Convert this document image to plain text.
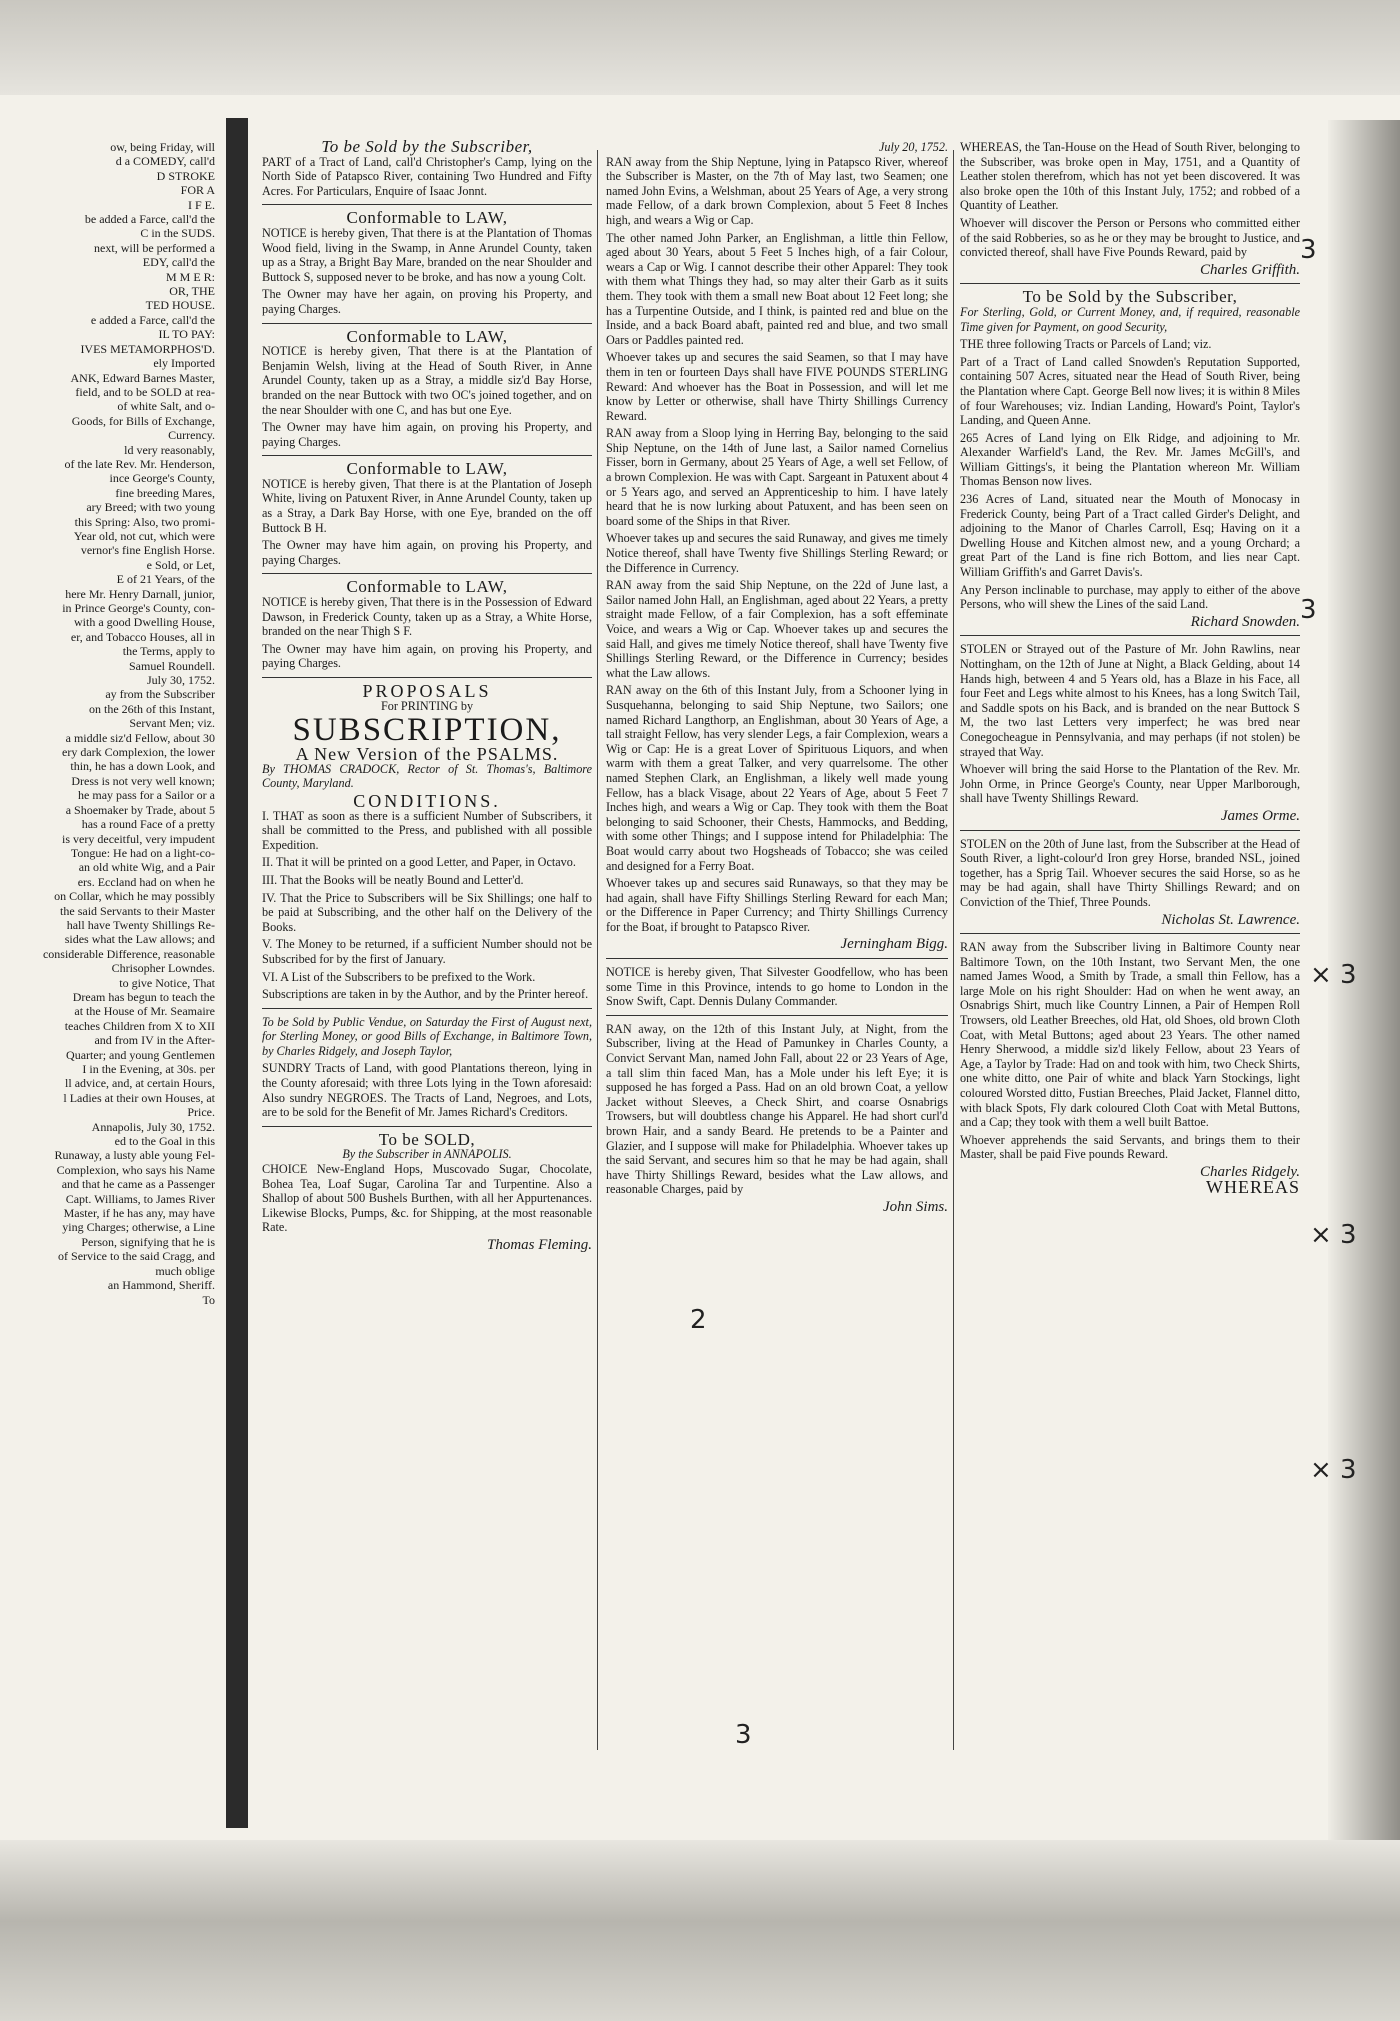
ow, being Friday, will
d a COMEDY, call'd
D STROKE
FOR A
I F E.
be added a Farce, call'd the
C in the SUDS.
next, will be performed a
EDY, call'd the
M M E R:
OR, THE
TED HOUSE.
e added a Farce, call'd the
IL TO PAY:
IVES METAMORPHOS'D.
ely Imported
ANK, Edward Barnes Master,
field, and to be SOLD at rea-
of white Salt, and o-
Goods, for Bills of Exchange,
Currency.
ld very reasonably,
of the late Rev. Mr. Henderson,
ince George's County,
fine breeding Mares,
ary Breed; with two young
this Spring: Also, two promi-
Year old, not cut, which were
vernor's fine English Horse.
e Sold, or Let,
E of 21 Years, of the
here Mr. Henry Darnall, junior,
in Prince George's County, con-
with a good Dwelling House,
er, and Tobacco Houses, all in
the Terms, apply to
Samuel Roundell.
July 30, 1752.
ay from the Subscriber
on the 26th of this Instant,
Servant Men; viz.
a middle siz'd Fellow, about 30
ery dark Complexion, the lower
thin, he has a down Look, and
Dress is not very well known;
he may pass for a Sailor or a
a Shoemaker by Trade, about 5
has a round Face of a pretty
is very deceitful, very impudent
Tongue: He had on a light-co-
an old white Wig, and a Pair
ers. Eccland had on when he
on Collar, which he may possibly
the said Servants to their Master
hall have Twenty Shillings Re-
sides what the Law allows; and
considerable Difference, reasonable
Chrisopher Lowndes.
to give Notice, That
Dream has begun to teach the
at the House of Mr. Seamaire
teaches Children from X to XII
and from IV in the After-
Quarter; and young Gentlemen
I in the Evening, at 30s. per
ll advice, and, at certain Hours,
l Ladies at their own Houses, at
Price.
Annapolis, July 30, 1752.
ed to the Goal in this
Runaway, a lusty able young Fel-
Complexion, who says his Name
and that he came as a Passenger
Capt. Williams, to James River
Master, if he has any, may have
ying Charges; otherwise, a Line
Person, signifying that he is
of Service to the said Cragg, and
much oblige
an Hammond, Sheriff.
To
To be Sold by the Subscriber,

PART of a Tract of Land, call'd Christopher's Camp, lying on the North Side of Patapsco River, containing Two Hundred and Fifty Acres. For Particulars, Enquire of Isaac Jonnt.

Conformable to LAW,

NOTICE is hereby given, That there is at the Plantation of Thomas Wood field, living in the Swamp, in Anne Arundel County, taken up as a Stray, a Bright Bay Mare, branded on the near Shoulder and Buttock S, supposed never to be broke, and has now a young Colt.

The Owner may have her again, on proving his Property, and paying Charges.

Conformable to LAW,

NOTICE is hereby given, That there is at the Plantation of Benjamin Welsh, living at the Head of South River, in Anne Arundel County, taken up as a Stray, a middle siz'd Bay Horse, branded on the near Buttock with two OC's joined together, and on the near Shoulder with one C, and has but one Eye.

The Owner may have him again, on proving his Property, and paying Charges.

Conformable to LAW,

NOTICE is hereby given, That there is at the Plantation of Joseph White, living on Patuxent River, in Anne Arundel County, taken up as a Stray, a Dark Bay Horse, with one Eye, branded on the off Buttock B H.

The Owner may have him again, on proving his Property, and paying Charges.

Conformable to LAW,

NOTICE is hereby given, That there is in the Possession of Edward Dawson, in Frederick County, taken up as a Stray, a White Horse, branded on the near Thigh S F.

The Owner may have him again, on proving his Property, and paying Charges.

PROPOSALS
For PRINTING by
SUBSCRIPTION,
A New Version of the PSALMS.

By THOMAS CRADOCK, Rector of St. Thomas's, Baltimore County, Maryland.

CONDITIONS.

I. THAT as soon as there is a sufficient Number of Subscribers, it shall be committed to the Press, and published with all possible Expedition.

II. That it will be printed on a good Letter, and Paper, in Octavo.

III. That the Books will be neatly Bound and Letter'd.

IV. That the Price to Subscribers will be Six Shillings; one half to be paid at Subscribing, and the other half on the Delivery of the Books.

V. The Money to be returned, if a sufficient Number should not be Subscribed for by the first of January.

VI. A List of the Subscribers to be prefixed to the Work.

Subscriptions are taken in by the Author, and by the Printer hereof.

To be Sold by Public Vendue, on Saturday the First of August next, for Sterling Money, or good Bills of Exchange, in Baltimore Town, by Charles Ridgely, and Joseph Taylor,

SUNDRY Tracts of Land, with good Plantations thereon, lying in the County aforesaid; with three Lots lying in the Town aforesaid: Also sundry NEGROES. The Tracts of Land, Negroes, and Lots, are to be sold for the Benefit of Mr. James Richard's Creditors.

To be SOLD,
By the Subscriber in ANNAPOLIS.

CHOICE New-England Hops, Muscovado Sugar, Chocolate, Bohea Tea, Loaf Sugar, Carolina Tar and Turpentine. Also a Shallop of about 500 Bushels Burthen, with all her Appurtenances. Likewise Blocks, Pumps, &c. for Shipping, at the most reasonable Rate.

Thomas Fleming.
July 20, 1752.

RAN away from the Ship Neptune, lying in Patapsco River, whereof the Subscriber is Master, on the 7th of May last, two Seamen; one named John Evins, a Welshman, about 25 Years of Age, a very strong made Fellow, of a dark brown Complexion, about 5 Feet 8 Inches high, and wears a Wig or Cap.

The other named John Parker, an Englishman, a little thin Fellow, aged about 30 Years, about 5 Feet 5 Inches high, of a fair Colour, wears a Cap or Wig. I cannot describe their other Apparel: They took with them what Things they had, so may alter their Garb as it suits them. They took with them a small new Boat about 12 Feet long; she has a Turpentine Outside, and I think, is painted red and blue on the Inside, and a back Board abaft, painted red and blue, and two small Oars or Paddles painted red.

Whoever takes up and secures the said Seamen, so that I may have them in ten or fourteen Days shall have FIVE POUNDS STERLING Reward: And whoever has the Boat in Possession, and will let me know by Letter or otherwise, shall have Thirty Shillings Currency Reward.

RAN away from a Sloop lying in Herring Bay, belonging to the said Ship Neptune, on the 14th of June last, a Sailor named Cornelius Fisser, born in Germany, about 25 Years of Age, a well set Fellow, of a brown Complexion. He was with Capt. Sargeant in Patuxent about 4 or 5 Years ago, and served an Apprenticeship to him. I have lately heard that he is now lurking about Patuxent, and has been seen on board some of the Ships in that River.

Whoever takes up and secures the said Runaway, and gives me timely Notice thereof, shall have Twenty five Shillings Sterling Reward; or the Difference in Currency.

RAN away from the said Ship Neptune, on the 22d of June last, a Sailor named John Hall, an Englishman, aged about 22 Years, a pretty straight made Fellow, of a fair Complexion, has a soft effeminate Voice, and wears a Wig or Cap. Whoever takes up and secures the said Hall, and gives me timely Notice thereof, shall have Twenty five Shillings Sterling Reward, or the Difference in Currency; besides what the Law allows.

RAN away on the 6th of this Instant July, from a Schooner lying in Susquehanna, belonging to said Ship Neptune, two Sailors; one named Richard Langthorp, an Englishman, about 30 Years of Age, a tall straight Fellow, has very slender Legs, a fair Complexion, wears a Wig or Cap: He is a great Lover of Spirituous Liquors, and when warm with them a great Talker, and very quarrelsome. The other named Stephen Clark, an Englishman, a likely well made young Fellow, has a black Visage, about 22 Years of Age, about 5 Feet 7 Inches high, and wears a Wig or Cap. They took with them the Boat belonging to said Schooner, their Chests, Hammocks, and Bedding, with some other Things; and I suppose intend for Philadelphia: The Boat would carry about two Hogsheads of Tobacco; she was ceiled and designed for a Ferry Boat.

Whoever takes up and secures said Runaways, so that they may be had again, shall have Fifty Shillings Sterling Reward for each Man; or the Difference in Paper Currency; and Thirty Shillings Currency for the Boat, if brought to Patapsco River.

Jerningham Bigg.

NOTICE is hereby given, That Silvester Goodfellow, who has been some Time in this Province, intends to go home to London in the Snow Swift, Capt. Dennis Dulany Commander.

RAN away, on the 12th of this Instant July, at Night, from the Subscriber, living at the Head of Pamunkey in Charles County, a Convict Servant Man, named John Fall, about 22 or 23 Years of Age, a tall slim thin faced Man, has a Mole under his left Eye; it is supposed he has forged a Pass. Had on an old brown Coat, a yellow Jacket without Sleeves, a Check Shirt, and coarse Osnabrigs Trowsers, but will doubtless change his Apparel. He had short curl'd brown Hair, and a sandy Beard. He pretends to be a Painter and Glazier, and I suppose will make for Philadelphia. Whoever takes up the said Servant, and secures him so that he may be had again, shall have Thirty Shillings Reward, besides what the Law allows, and reasonable Charges, paid by

John Sims.

WHEREAS, the Tan-House on the Head of South River, belonging to the Subscriber, was broke open in May, 1751, and a Quantity of Leather stolen therefrom, which has not yet been discovered. It was also broke open the 10th of this Instant July, 1752; and robbed of a Quantity of Leather.

Whoever will discover the Person or Persons who committed either of the said Robberies, so as he or they may be brought to Justice, and convicted thereof, shall have Five Pounds Reward, paid by

Charles Griffith.
To be Sold by the Subscriber,

For Sterling, Gold, or Current Money, and, if required, reasonable Time given for Payment, on good Security,

THE three following Tracts or Parcels of Land; viz.

Part of a Tract of Land called Snowden's Reputation Supported, containing 507 Acres, situated near the Head of South River, being the Plantation where Capt. George Bell now lives; it is within 8 Miles of four Warehouses; viz. Indian Landing, Howard's Point, Taylor's Landing, and Queen Anne.

265 Acres of Land lying on Elk Ridge, and adjoining to Mr. Alexander Warfield's Land, the Rev. Mr. James McGill's, and William Gittings's, it being the Plantation whereon Mr. William Thomas Benson now lives.

236 Acres of Land, situated near the Mouth of Monocasy in Frederick County, being Part of a Tract called Girder's Delight, and adjoining to the Manor of Charles Carroll, Esq; Having on it a Dwelling House and Kitchen almost new, and a young Orchard; a great Part of the Land is fine rich Bottom, and lies near Capt. William Griffith's and Garret Davis's.

Any Person inclinable to purchase, may apply to either of the above Persons, who will shew the Lines of the said Land.

Richard Snowden.

STOLEN or Strayed out of the Pasture of Mr. John Rawlins, near Nottingham, on the 12th of June at Night, a Black Gelding, about 14 Hands high, between 4 and 5 Years old, has a Blaze in his Face, all four Feet and Legs white almost to his Knees, has a long Switch Tail, and Saddle spots on his Back, and is branded on the near Buttock S M, the two last Letters very imperfect; he was bred near Conegocheague in Pennsylvania, and may perhaps (if not stolen) be strayed that Way.

Whoever will bring the said Horse to the Plantation of the Rev. Mr. John Orme, in Prince George's County, near Upper Marlborough, shall have Twenty Shillings Reward.

James Orme.

STOLEN on the 20th of June last, from the Subscriber at the Head of South River, a light-colour'd Iron grey Horse, branded NSL, joined together, has a Sprig Tail. Whoever secures the said Horse, so as he may be had again, shall have Thirty Shillings Reward; and on Conviction of the Thief, Three Pounds.

Nicholas St. Lawrence.

RAN away from the Subscriber living in Baltimore County near Baltimore Town, on the 10th Instant, two Servant Men, the one named James Wood, a Smith by Trade, a small thin Fellow, has a large Mole on his right Shoulder: Had on when he went away, an Osnabrigs Shirt, much like Country Linnen, a Pair of Hempen Roll Trowsers, old Leather Breeches, old Hat, old Shoes, old brown Cloth Coat, with Metal Buttons; aged about 23 Years. The other named Henry Sherwood, a middle siz'd likely Fellow, about 23 Years of Age, a Taylor by Trade: Had on and took with him, two Check Shirts, one white ditto, one Pair of white and black Yarn Stockings, light coloured Worsted ditto, Fustian Breeches, Plaid Jacket, Flannel ditto, with black Spots, Fly dark coloured Cloth Coat with Metal Buttons, and a Cap; they took with them a well built Battoe.

Whoever apprehends the said Servants, and brings them to their Master, shall be paid Five pounds Reward.

Charles Ridgely.
WHEREAS
3
3
× 3
× 3
× 3
2
3
